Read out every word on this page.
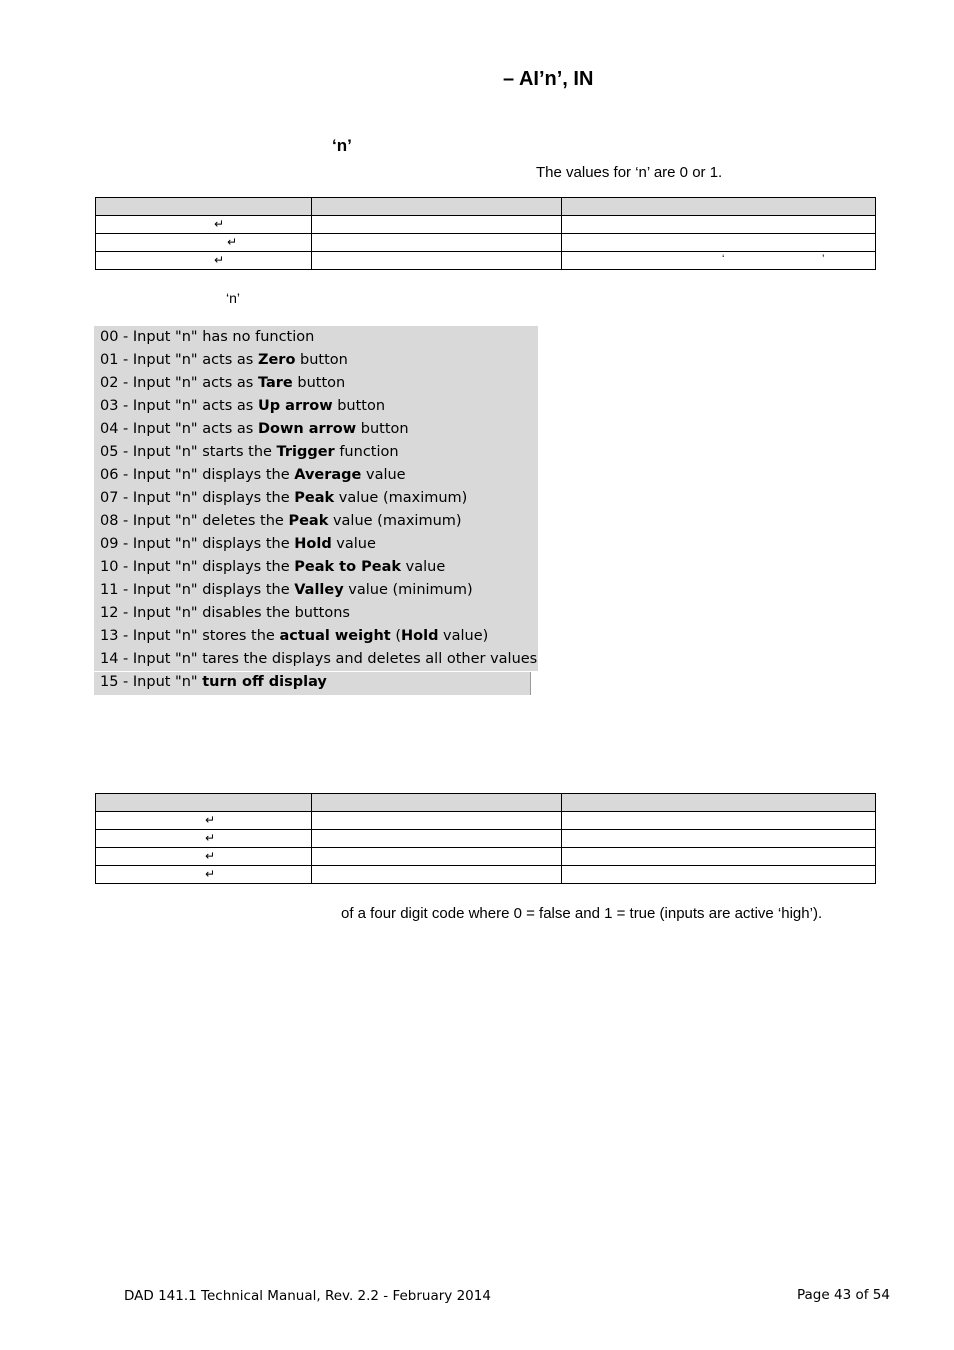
– AI’n’, IN
‘n’
The values for ‘n’ are 0 or 1.

↵		

↵		

↵		‘ ’
‘n’
00 - Input "n" has no function
01 - Input "n" acts as Zero button
02 - Input "n" acts as Tare button
03 - Input "n" acts as Up arrow button
04 - Input "n" acts as Down arrow button
05 - Input "n" starts the Trigger function
06 - Input "n" displays the Average value
07 - Input "n" displays the Peak value (maximum)
08 - Input "n" deletes the Peak value (maximum)
09 - Input "n" displays the Hold value
10 - Input "n" displays the Peak to Peak value
11 - Input "n" displays the Valley value (minimum)
12 - Input "n" disables the buttons
13 - Input "n" stores the actual weight (Hold value)
14 - Input "n" tares the displays and deletes all other values
15 - Input "n" turn off display

↵		

↵		

↵		

↵		

of a four digit code where 0 = false and 1 = true (inputs are active ‘high’).
DAD 141.1 Technical Manual, Rev. 2.2 - February 2014	Page 43 of 54
